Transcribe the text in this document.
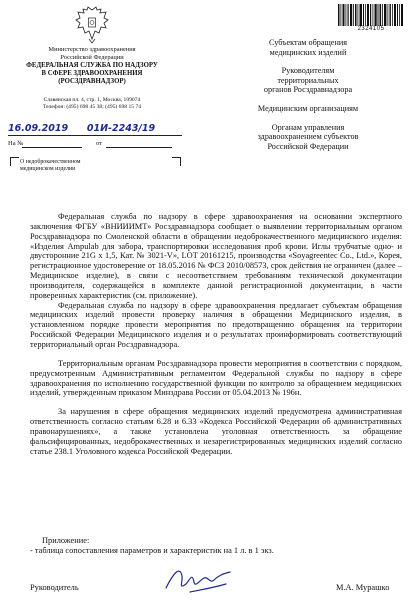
Министерство здравоохранения
Российской Федерации
ФЕДЕРАЛЬНАЯ СЛУЖБА ПО НАДЗОРУ
В СФЕРЕ ЗДРАВООХРАНЕНИЯ
(РОСЗДРАВНАДЗОР)
Славянская пл. 4, стр. 1, Москва, 109074
Телефон: (495) 698 45 38; (495) 698 15 74
16.09.2019	01И-2243/19
На №	от
О недоброкачественном
медицинском изделии
2324105

Субъектам обращения
медицинских изделий

Руководителям
территориальных
органов Росздравнадзора

Медицинским организациям

Органам управления
здравоохранением субъектов
Российской Федерации

Федеральная служба по надзору в сфере здравоохранения на основании экспертного заключения ФГБУ «ВНИИИМТ» Росздравнадзора сообщает о выявлении территориальным органом Росздравнадзора по Смоленской области в обращении недоброкачественного медицинского изделия: «Изделия Ampulab для забора, транспортировки исследования проб крови. Иглы трубчатые одно- и двусторонние 21G x 1,5, Кат. № 3021-V», LOT 20161215, производства «Soyagreentec Co., Ltd.», Корея, регистрационное удостоверение от 18.05.2016 № ФСЗ 2010/08573, срок действия не ограничен (далее – Медицинское изделие), в связи с несоответствием требованиям технической документации производителя, содержащейся в комплекте данной регистрационной документации, в части проверенных характеристик (см. приложение).

Федеральная служба по надзору в сфере здравоохранения предлагает субъектам обращения медицинских изделий провести проверку наличия в обращении Медицинского изделия, в установленном порядке провести мероприятия по предотвращению обращения на территории Российской Федерации Медицинского изделия и о результатах проинформировать соответствующий территориальный орган Росздравнадзора.

Территориальным органам Росздравнадзора провести мероприятия в соответствии с порядком, предусмотренным Административным регламентом Федеральной службы по надзору в сфере здравоохранения по исполнению государственной функции по контролю за обращением медицинских изделий, утвержденным приказом Минздрава России от 05.04.2013 № 196н.

За нарушения в сфере обращения медицинских изделий предусмотрена административная ответственность согласно статьям 6.28 и 6.33 «Кодекса Российской Федерации об административных правонарушениях», а также установлена уголовная ответственность за обращение фальсифицированных, недоброкачественных и незарегистрированных медицинских изделий согласно статье 238.1 Уголовного кодекса Российской Федерации.

Приложение:
- таблица сопоставления параметров и характеристик на 1 л. в 1 экз.
Руководитель	М.А. Мурашко
